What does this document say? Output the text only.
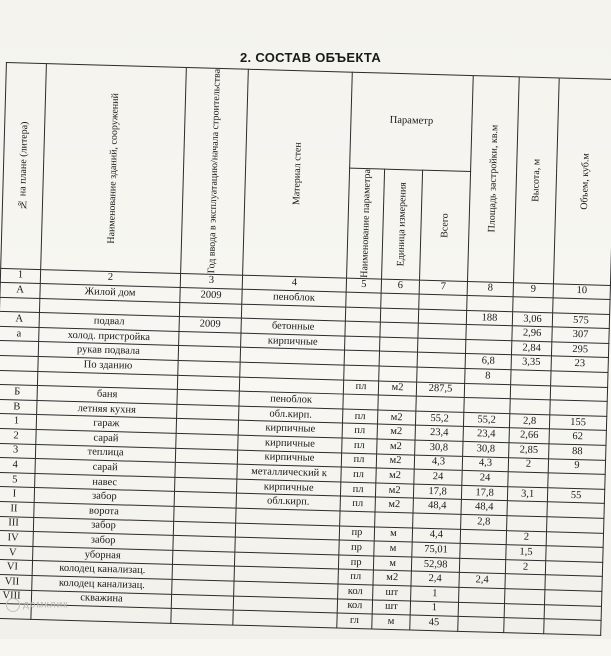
2. СОСТАВ ОБЪЕКТА
№ на плане (литера)	Наименование зданий, сооружений	Год ввода в эксплуатацию/начала строительства	Материал стен	Параметр			Площадь застройки, кв.м	Высота, м	Объем, куб.м

				Наименование параметра	Единица измерения	Всего			

1	2	3	4	5	6	7	8	9	10
А	Жилой дом	2009	пеноблок						
							188	3,06	575
А	подвал	2009	бетонные					2,96	307
а	холод. пристройка		кирпичные					2,84	295
	рукав подвала						6,8	3,35	23
	По зданию						8		
				пл	м2	287,5			
Б	баня		пеноблок						
В	летняя кухня		обл.кирп.	пл	м2	55,2	55,2	2,8	155
1	гараж		кирпичные	пл	м2	23,4	23,4	2,66	62
2	сарай		кирпичные	пл	м2	30,8	30,8	2,85	88
3	теплица		кирпичные	пл	м2	4,3	4,3	2	9
4	сарай		металлический к	пл	м2	24	24		
5	навес		кирпичные	пл	м2	17,8	17,8	3,1	55
I	забор		обл.кирп.	пл	м2	48,4	48,4		
II	ворота						2,8		
III	забор			пр	м	4,4		2	
IV	забор			пр	м	75,01		1,5	
V	уборная			пр	м	52,98		2	
VI	колодец канализац.			пл	м2	2,4	2,4		
VII	колодец канализац.			кол	шт	1			
VIII	скважина			кол	шт	1			
				гл	м	45			
домклик
